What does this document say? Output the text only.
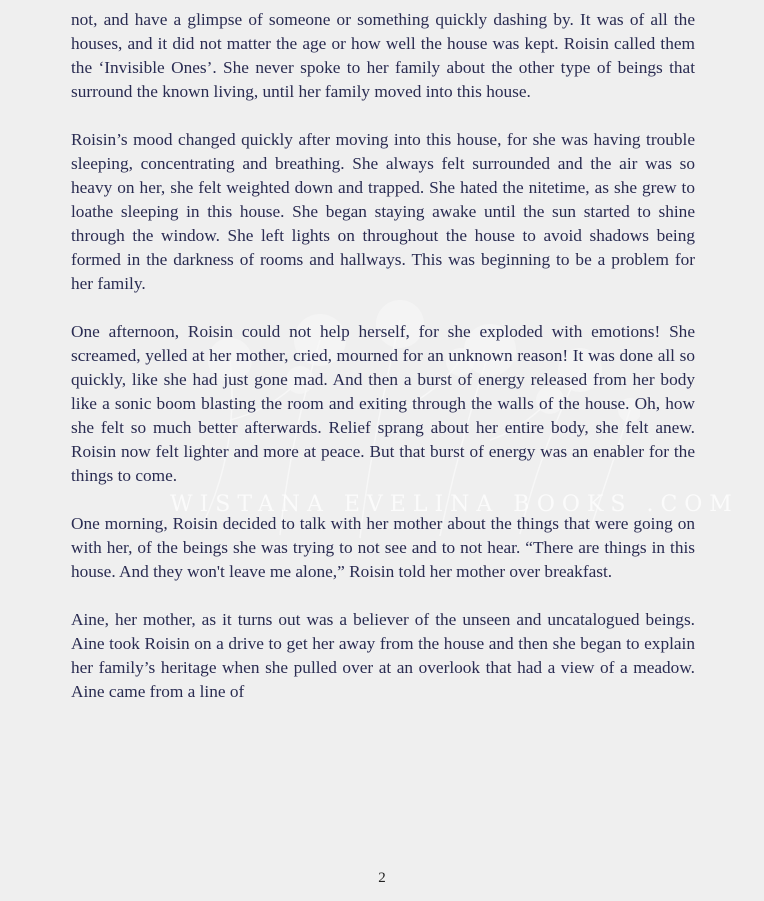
WISTANA EVELINA BOOKS .COM

not, and have a glimpse of someone or something quickly dashing by. It was of all the houses, and it did not matter the age or how well the house was kept. Roisin called them the ‘Invisible Ones’. She never spoke to her family about the other type of beings that surround the known living, until her family moved into this house.

Roisin’s mood changed quickly after moving into this house, for she was having trouble sleeping, concentrating and breathing. She always felt surrounded and the air was so heavy on her, she felt weighted down and trapped. She hated the nitetime, as she grew to loathe sleeping in this house. She began staying awake until the sun started to shine through the window. She left lights on throughout the house to avoid shadows being formed in the darkness of rooms and hallways. This was beginning to be a problem for her family.

One afternoon, Roisin could not help herself, for she exploded with emotions! She screamed, yelled at her mother, cried, mourned for an unknown reason! It was done all so quickly, like she had just gone mad. And then a burst of energy released from her body like a sonic boom blasting the room and exiting through the walls of the house. Oh, how she felt so much better afterwards. Relief sprang about her entire body, she felt anew. Roisin now felt lighter and more at peace. But that burst of energy was an enabler for the things to come.

One morning, Roisin decided to talk with her mother about the things that were going on with her, of the beings she was trying to not see and to not hear. “There are things in this house. And they won't leave me alone,” Roisin told her mother over breakfast.

Aine, her mother, as it turns out was a believer of the unseen and uncatalogued beings. Aine took Roisin on a drive to get her away from the house and then she began to explain her family’s heritage when she pulled over at an overlook that had a view of a meadow. Aine came from a line of

2
